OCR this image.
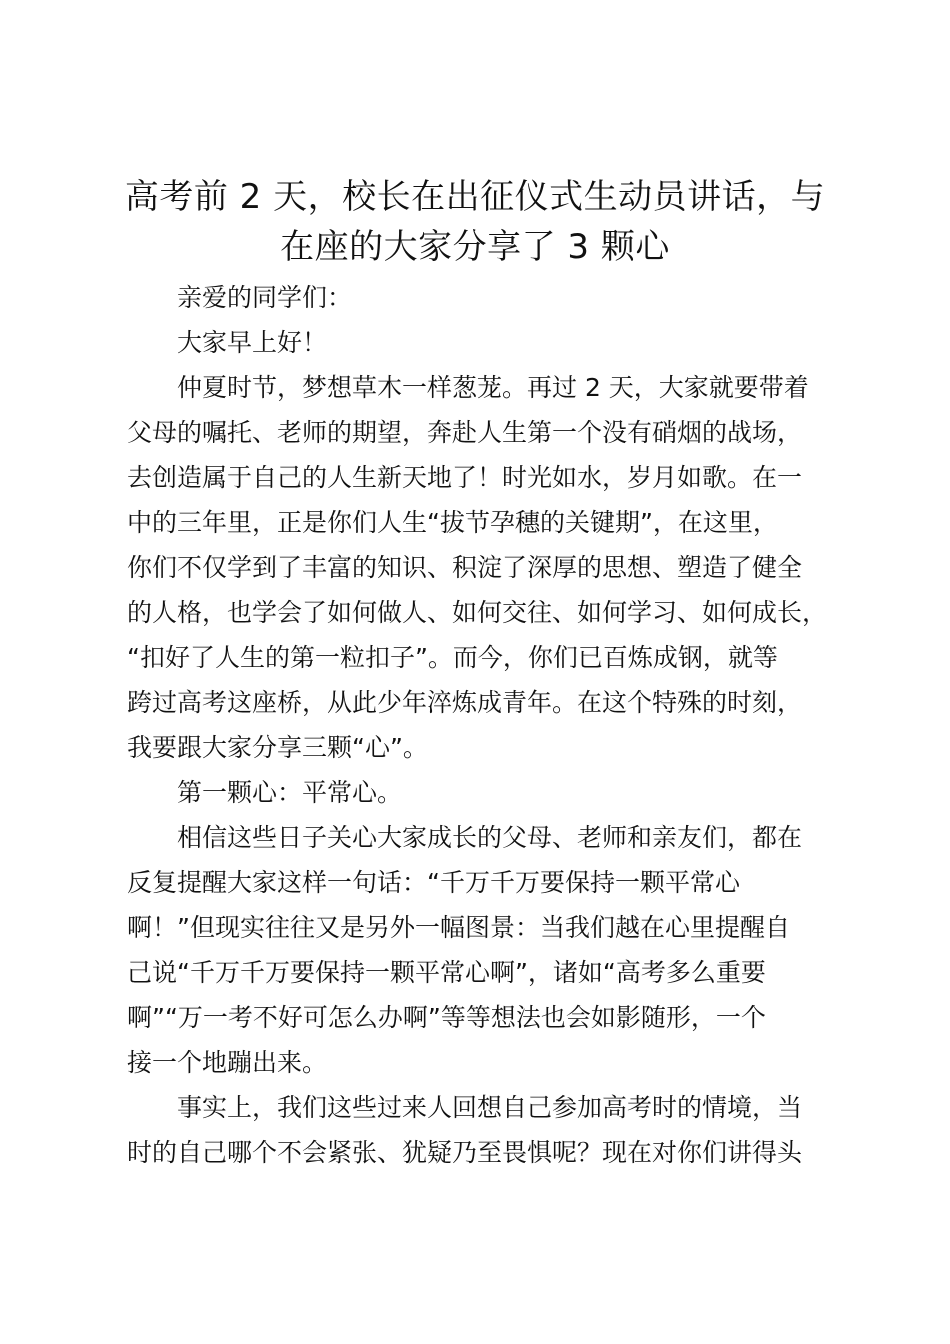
高考前 2 天，校长在出征仪式生动员讲话，与
在座的大家分享了 3 颗心

亲爱的同学们：

大家早上好！

仲夏时节，梦想草木一样葱茏。再过 2 天，大家就要带着

父母的嘱托、老师的期望，奔赴人生第一个没有硝烟的战场，

去创造属于自己的人生新天地了！时光如水，岁月如歌。在一

中的三年里，正是你们人生“拔节孕穗的关键期”，在这里，

你们不仅学到了丰富的知识、积淀了深厚的思想、塑造了健全

的人格，也学会了如何做人、如何交往、如何学习、如何成长，

“扣好了人生的第一粒扣子”。而今，你们已百炼成钢，就等

跨过高考这座桥，从此少年淬炼成青年。在这个特殊的时刻，

我要跟大家分享三颗“心”。

第一颗心：平常心。

相信这些日子关心大家成长的父母、老师和亲友们，都在

反复提醒大家这样一句话：“千万千万要保持一颗平常心

啊！”但现实往往又是另外一幅图景：当我们越在心里提醒自

己说“千万千万要保持一颗平常心啊”，诸如“高考多么重要

啊”“万一考不好可怎么办啊”等等想法也会如影随形，一个

接一个地蹦出来。

事实上，我们这些过来人回想自己参加高考时的情境，当

时的自己哪个不会紧张、犹疑乃至畏惧呢？现在对你们讲得头
